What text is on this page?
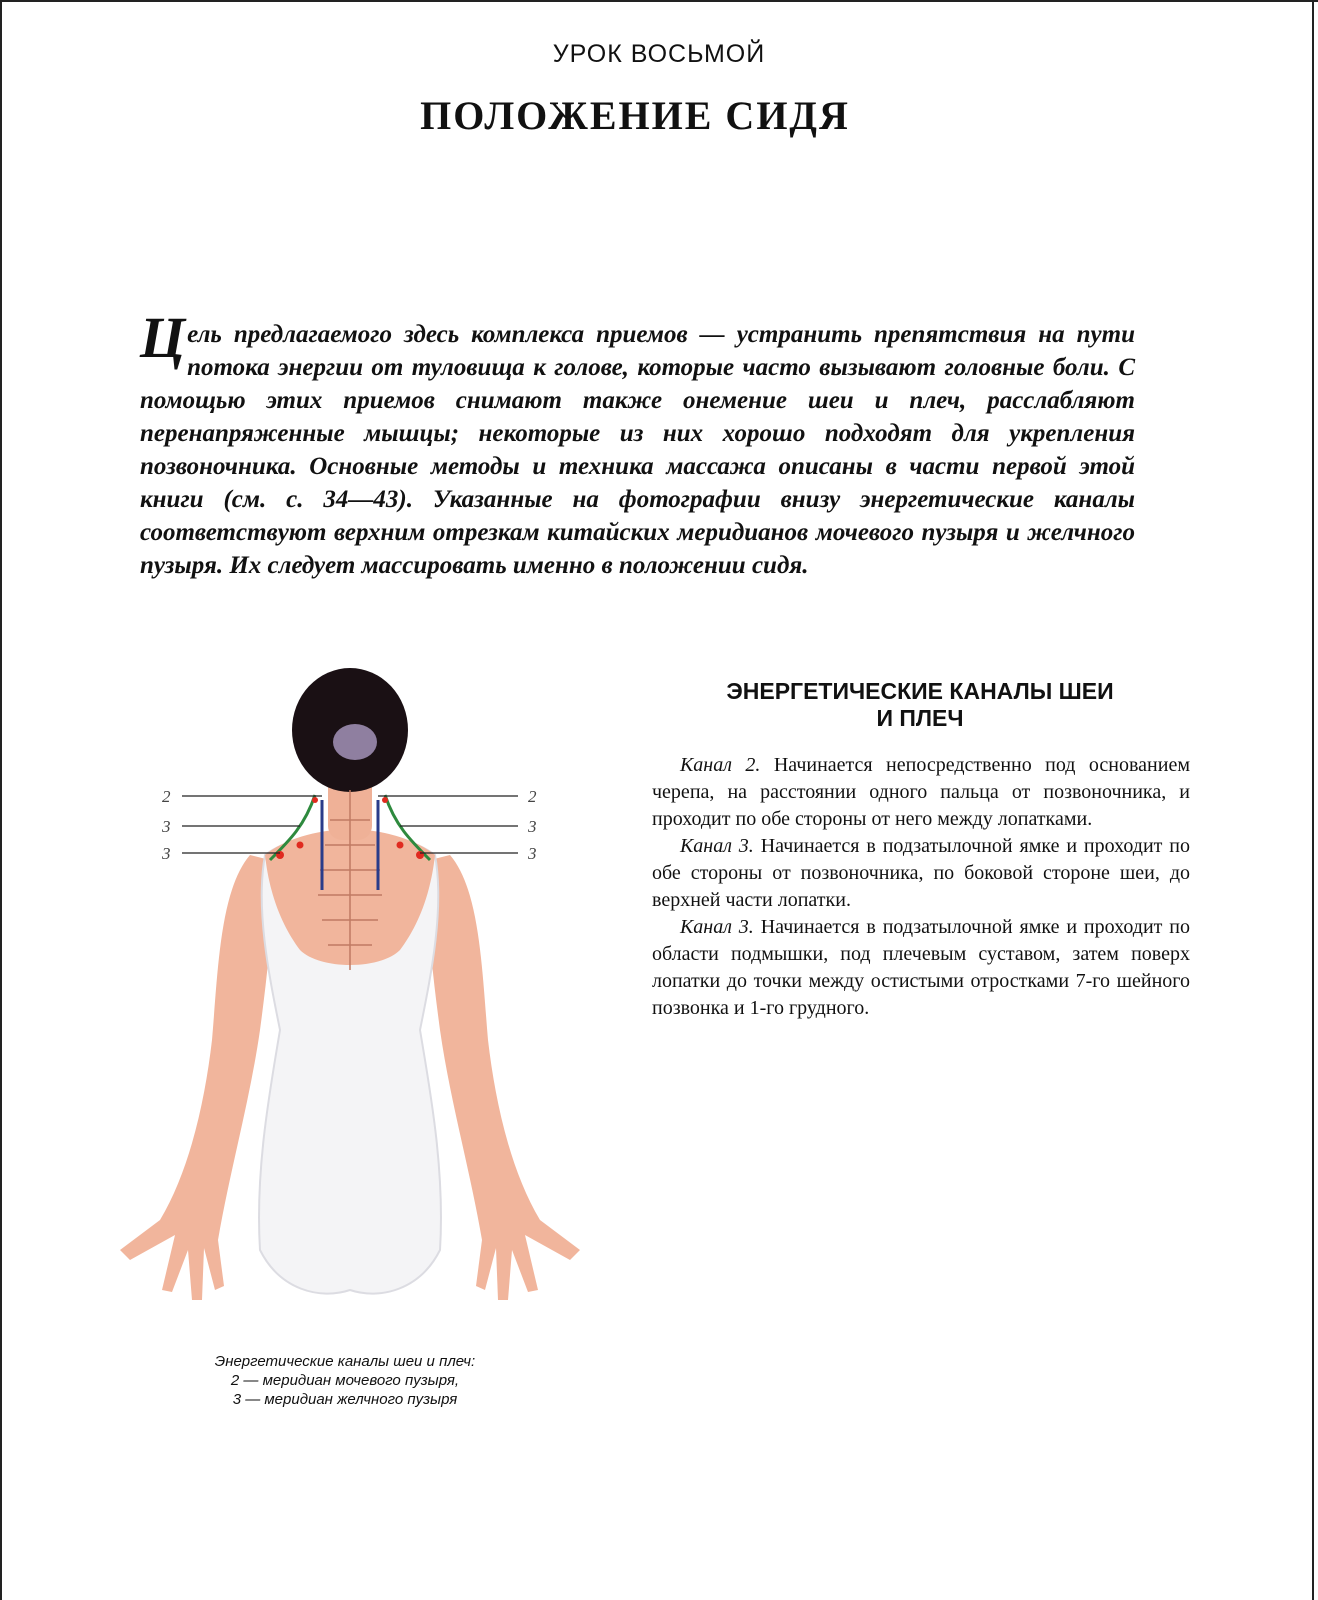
УРОК ВОСЬМОЙ
ПОЛОЖЕНИЕ СИДЯ
Цель предлагаемого здесь комплекса приемов — устранить препятствия на пути потока энергии от туловища к голове, которые часто вызывают головные боли. С помощью этих приемов снимают также онемение шеи и плеч, расслабляют перенапряженные мышцы; некоторые из них хорошо подходят для укрепления позвоночника. Основные методы и техника массажа описаны в части первой этой книги (см. с. 34—43). Указанные на фотографии внизу энергетические каналы соответствуют верхним отрезкам китайских меридианов мочевого пузыря и желчного пузыря. Их следует массировать именно в положении сидя.
2
3
3
2
3
3
Энергетические каналы шеи и плеч:
2 — меридиан мочевого пузыря,
3 — меридиан желчного пузыря
ЭНЕРГЕТИЧЕСКИЕ КАНАЛЫ ШЕИ
И ПЛЕЧ

Канал 2. Начинается непосредственно под основанием черепа, на расстоянии одного пальца от позвоночника, и проходит по обе стороны от него между лопатками.

Канал 3. Начинается в подзатылочной ямке и проходит по обе стороны от позвоночника, по боковой стороне шеи, до верхней части лопатки.

Канал 3. Начинается в подзатылочной ямке и проходит по области подмышки, под плечевым суставом, затем поверх лопатки до точки между остистыми отростками 7-го шейного позвонка и 1-го грудного.
